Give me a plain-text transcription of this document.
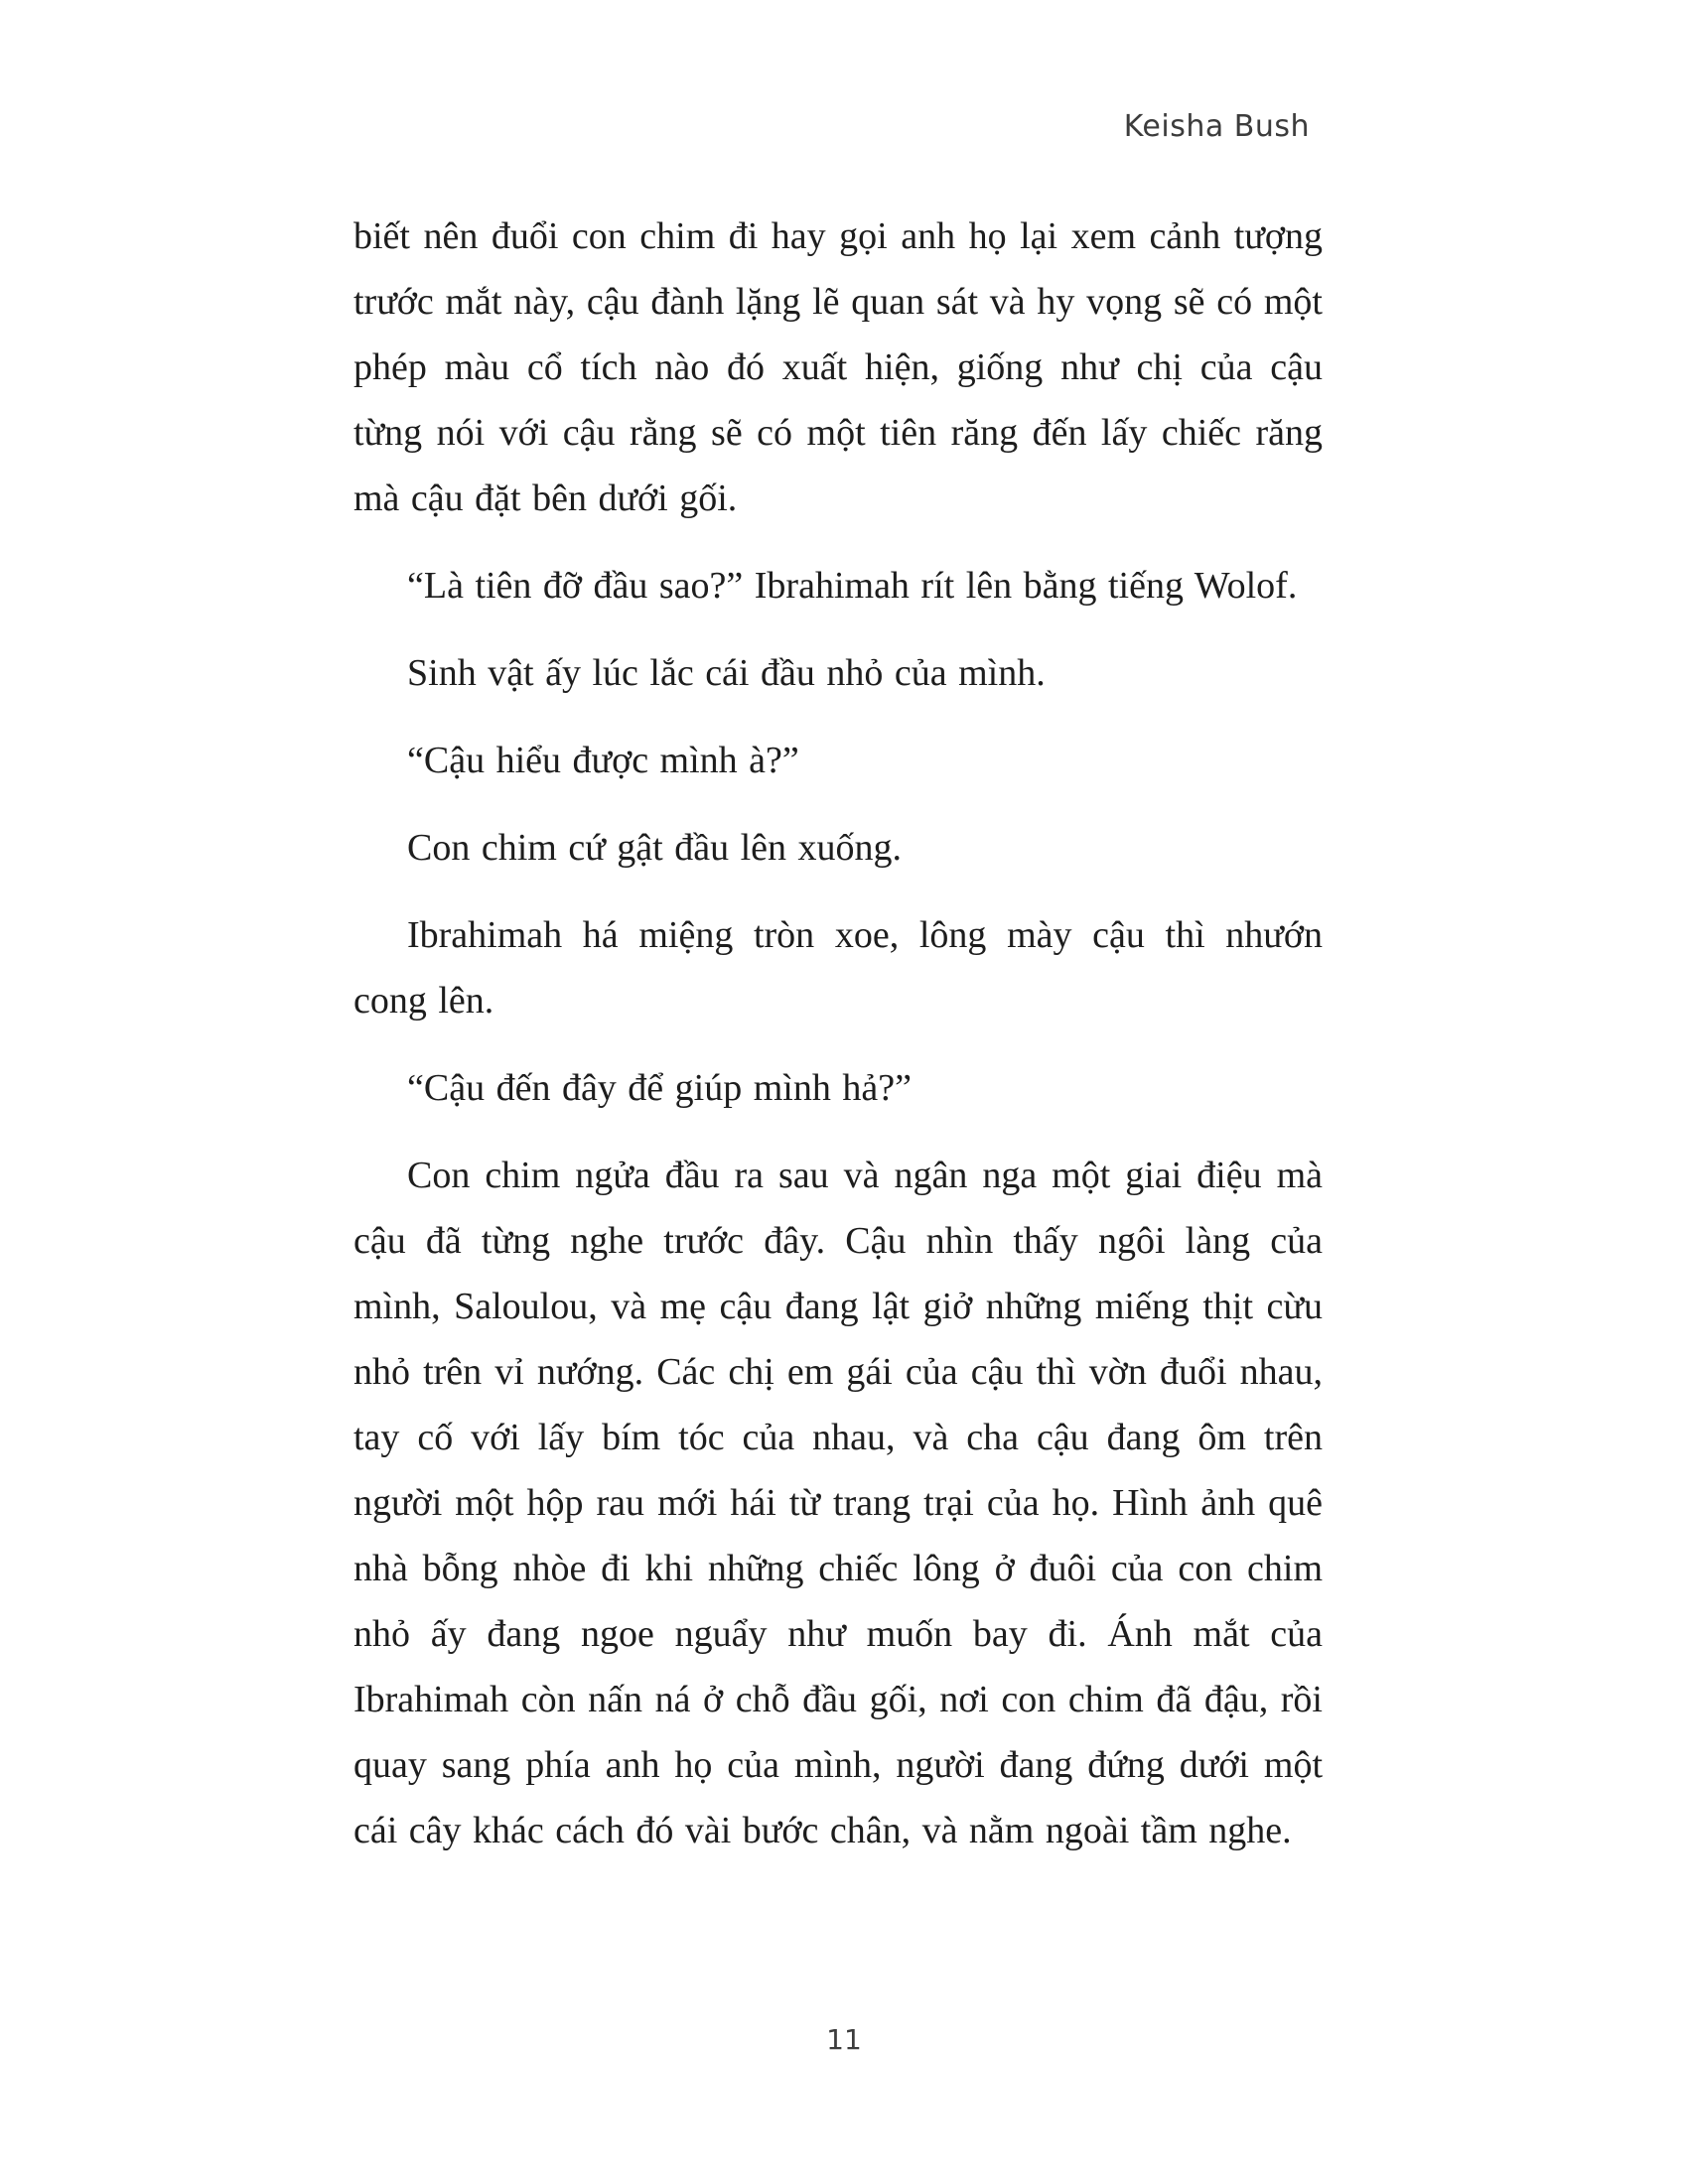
Keisha Bush

biết nên đuổi con chim đi hay gọi anh họ lại xem cảnh tượng trước mắt này, cậu đành lặng lẽ quan sát và hy vọng sẽ có một phép màu cổ tích nào đó xuất hiện, giống như chị của cậu từng nói với cậu rằng sẽ có một tiên răng đến lấy chiếc răng mà cậu đặt bên dưới gối.

“Là tiên đỡ đầu sao?” Ibrahimah rít lên bằng tiếng Wolof.

Sinh vật ấy lúc lắc cái đầu nhỏ của mình.

“Cậu hiểu được mình à?”

Con chim cứ gật đầu lên xuống.

Ibrahimah há miệng tròn xoe, lông mày cậu thì nhướn cong lên.

“Cậu đến đây để giúp mình hả?”

Con chim ngửa đầu ra sau và ngân nga một giai điệu mà cậu đã từng nghe trước đây. Cậu nhìn thấy ngôi làng của mình, Saloulou, và mẹ cậu đang lật giở những miếng thịt cừu nhỏ trên vỉ nướng. Các chị em gái của cậu thì vờn đuổi nhau, tay cố với lấy bím tóc của nhau, và cha cậu đang ôm trên người một hộp rau mới hái từ trang trại của họ. Hình ảnh quê nhà bỗng nhòe đi khi những chiếc lông ở đuôi của con chim nhỏ ấy đang ngoe nguẩy như muốn bay đi. Ánh mắt của Ibrahimah còn nấn ná ở chỗ đầu gối, nơi con chim đã đậu, rồi quay sang phía anh họ của mình, người đang đứng dưới một cái cây khác cách đó vài bước chân, và nằm ngoài tầm nghe.

11
